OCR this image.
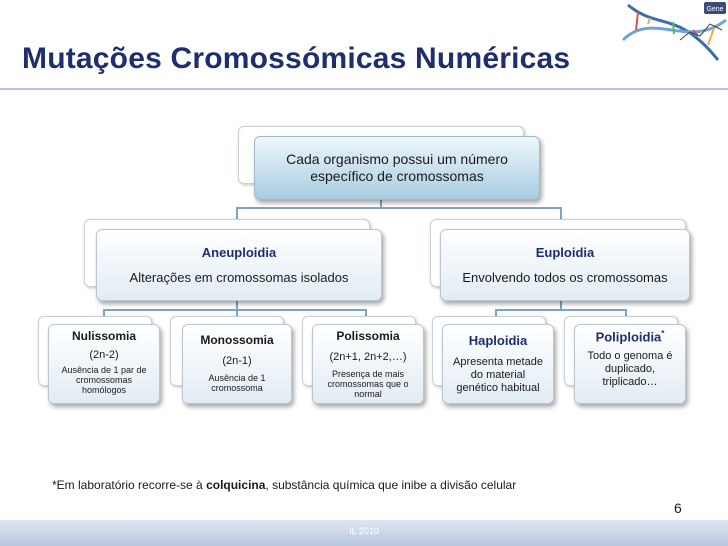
Gene
Mutações Cromossómicas Numéricas
Cada organismo possui um número
específico de cromossomas
Aneuploidia
Alterações em cromossomas isolados
Euploidia
Envolvendo todos os cromossomas
Nulissomia
(2n-2)
Ausência de 1 par de
cromossomas
homólogos
Monossomia
(2n-1)
Ausência de 1
cromossoma
Polissomia
(2n+1, 2n+2,…)
Presença de mais
cromossomas que o
normal
Haploidia
Apresenta metade
do material
genético habitual
Poliploidia*
Todo o genoma é
duplicado,
triplicado…
*Em laboratório recorre-se à colquicina, substância química que inibe a divisão celular
6
IL 2010
